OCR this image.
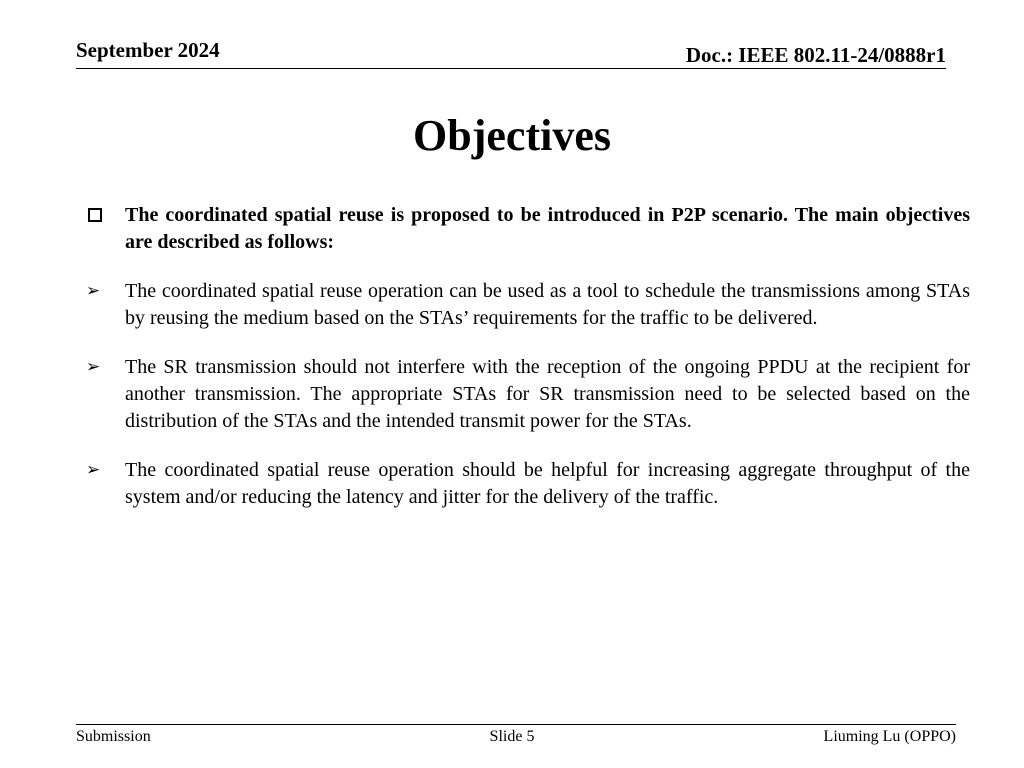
September 2024	Doc.: IEEE 802.11-24/0888r1
Objectives
The coordinated spatial reuse is proposed to be introduced in P2P scenario. The main objectives are described as follows:
➢	The coordinated spatial reuse operation can be used as a tool to schedule the transmissions among STAs by reusing the medium based on the STAs’ requirements for the traffic to be delivered.
➢	The SR transmission should not interfere with the reception of the ongoing PPDU at the recipient for another transmission. The appropriate STAs for SR transmission need to be selected based on the distribution of the STAs and the intended transmit power for the STAs.
➢	The coordinated spatial reuse operation should be helpful for increasing aggregate throughput of the system and/or reducing the latency and jitter for the delivery of the traffic.
Submission	Slide 5	Liuming Lu (OPPO)
